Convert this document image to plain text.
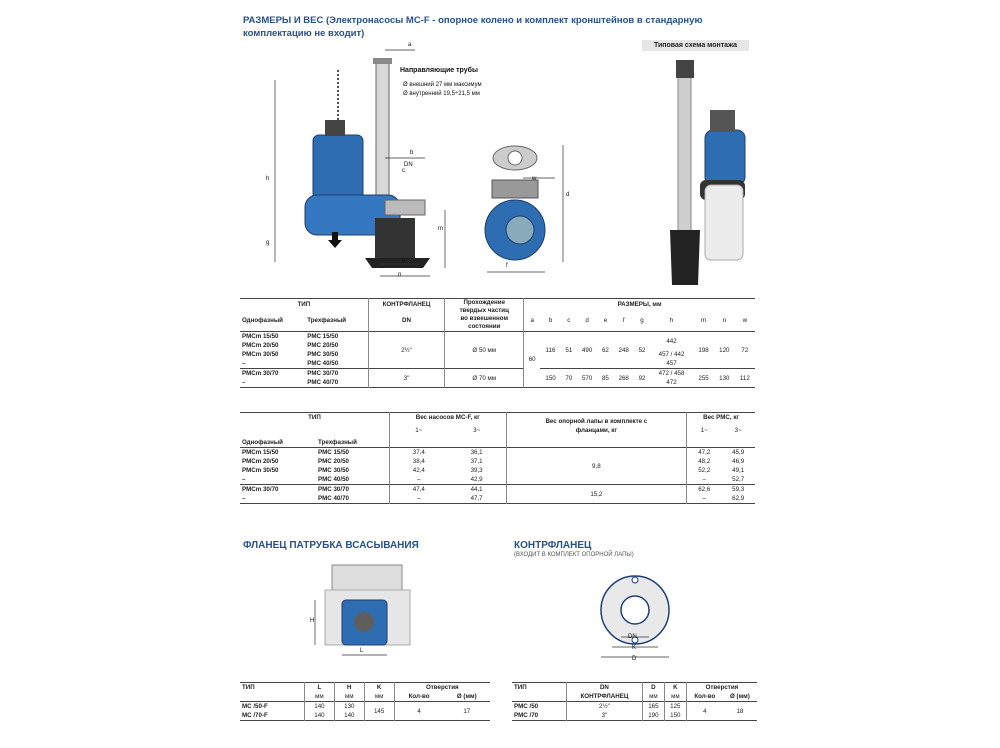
РАЗМЕРЫ И ВЕС (Электронасосы MC-F - опорное колено и комплект кронштейнов в стандарную
комплектацию не входит)
Типовая схема монтажа
Направляющие трубы
Ø внешний 27 мм максимум
Ø внутренний 19,5÷21,5 мм
a
b
c
DN
h
g
m
e
n
w
d
f
ТИП		КОНТРФЛАНЕЦ	Прохождение
твердых частиц
во взвешенном
состоянии	РАЗМЕРЫ, мм										
Однофазный	Трехфазный	DN		a	b	c	d	e	f	g	h	m	n	w
PMCm 15/50	PMC 15/50	2½"	Ø 50 мм	60	116	51	490	62	248	52	442	198	120	72
PMCm 20/50	PMC 20/50													
PMCm 30/50	PMC 30/50										457 / 442			
–	PMC 40/50										457			
PMCm 30/70	PMC 30/70	3"	Ø 70 мм		150	70	570	85	268	92	472 / 458	255	130	112
–	PMC 40/70										472			
ТИП		Вес насосов MC-F, кг		Вес опорной лапы в комплекте с
фланцами, кг	Вес PMC, кг	
		1~	3~		1~	3~
Однофазный	Трехфазный					
PMCm 15/50	PMC 15/50	37,4	36,1	9,8	47,2	45,9
PMCm 20/50	PMC 20/50	38,4	37,1		48,2	46,9
PMCm 30/50	PMC 30/50	42,4	39,3		52,2	49,1
–	PMC 40/50	–	42,9		–	52,7
PMCm 30/70	PMC 30/70	47,4	44,1	15,2	62,6	59,3
–	PMC 40/70	–	47,7		–	62,9
ФЛАНЕЦ ПАТРУБКА ВСАСЫВАНИЯ
H
L
ТИП	L	H	K	Отверстия	
	мм	мм	мм	Кол-во	Ø (мм)
MC /50-F	140	130	145	4	17
MC /70-F	140	140			
КОНТРФЛАНЕЦ
(ВХОДИТ В КОМПЛЕКТ ОПОРНОЙ ЛАПЫ)
DN
K
D
ТИП	DN	D	K	Отверстия	
	КОНТРФЛАНЕЦ	мм	мм	Кол-во	Ø (мм)
PMC /50	2½"	165	125	4	18
PMC /70	3"	190	150		
